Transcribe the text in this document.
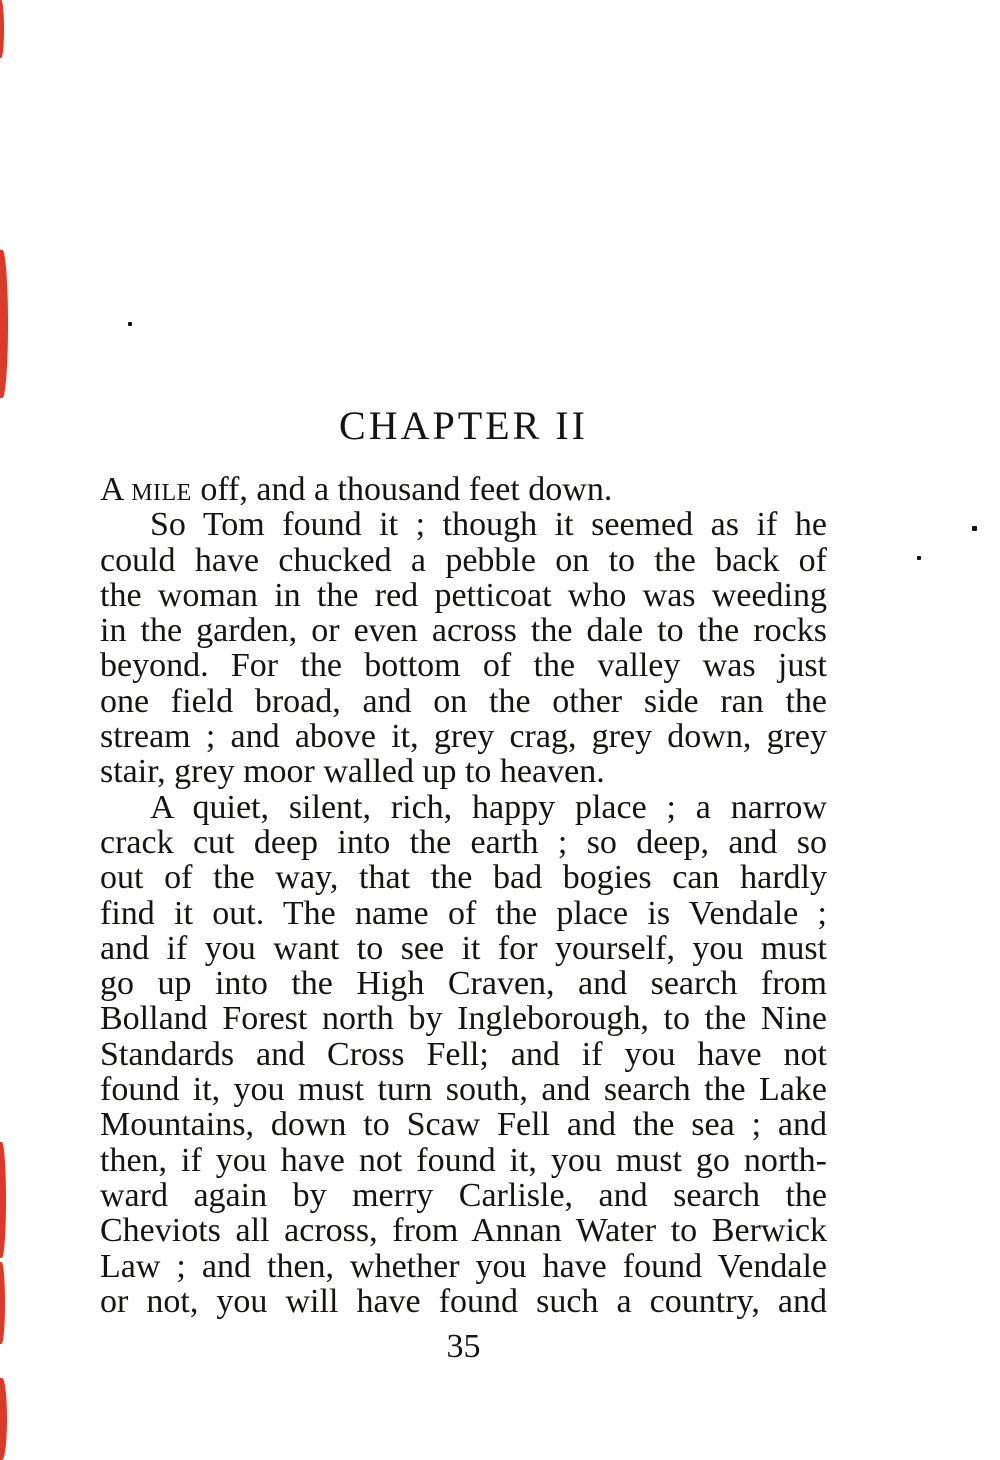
CHAPTER II
A mile off, and a thousand feet down.
So Tom found it ; though it seemed as if he
could have chucked a pebble on to the back of
the woman in the red petticoat who was weeding
in the garden, or even across the dale to the rocks
beyond. For the bottom of the valley was just
one field broad, and on the other side ran the
stream ; and above it, grey crag, grey down, grey
stair, grey moor walled up to heaven.
A quiet, silent, rich, happy place ; a narrow
crack cut deep into the earth ; so deep, and so
out of the way, that the bad bogies can hardly
find it out. The name of the place is Vendale ;
and if you want to see it for yourself, you must
go up into the High Craven, and search from
Bolland Forest north by Ingleborough, to the Nine
Standards and Cross Fell; and if you have not
found it, you must turn south, and search the Lake
Mountains, down to Scaw Fell and the sea ; and
then, if you have not found it, you must go north-
ward again by merry Carlisle, and search the
Cheviots all across, from Annan Water to Berwick
Law ; and then, whether you have found Vendale
or not, you will have found such a country, and
35
